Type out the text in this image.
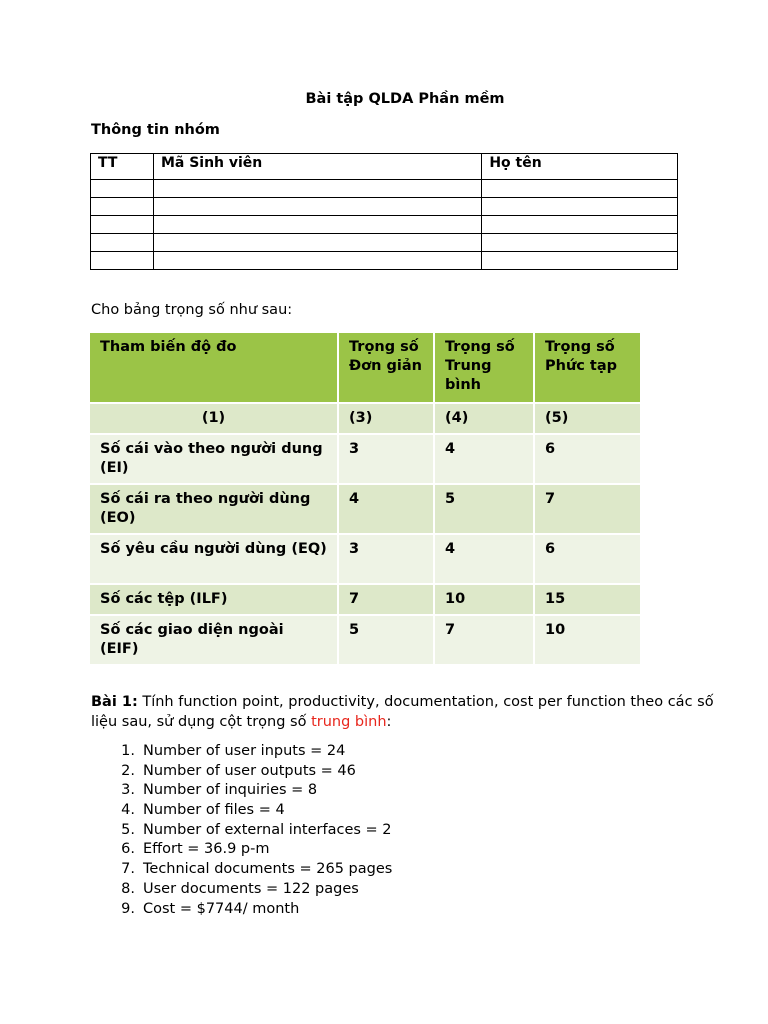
Bài tập QLDA Phần mềm
Thông tin nhóm
TT	Mã Sinh viên	Họ tên

Cho bảng trọng số như sau:
Tham biến độ đo	Trọng số Đơn giản	Trọng số Trung bình	Trọng số Phức tạp
(1)	(3)	(4)	(5)
Số cái vào theo người dung (EI)	3	4	6
Số cái ra theo người dùng (EO)	4	5	7
Số yêu cầu người dùng (EQ)	3	4	6
Số các tệp (ILF)	7	10	15
Số các giao diện ngoài (EIF)	5	7	10
Bài 1: Tính function point, productivity, documentation, cost per function theo các số liệu sau, sử dụng cột trọng số trung bình:
1. Number of user inputs = 24
2. Number of user outputs = 46
3. Number of inquiries = 8
4. Number of files = 4
5. Number of external interfaces = 2
6. Effort = 36.9 p-m
7. Technical documents = 265 pages
8. User documents = 122 pages
9. Cost = $7744/ month
